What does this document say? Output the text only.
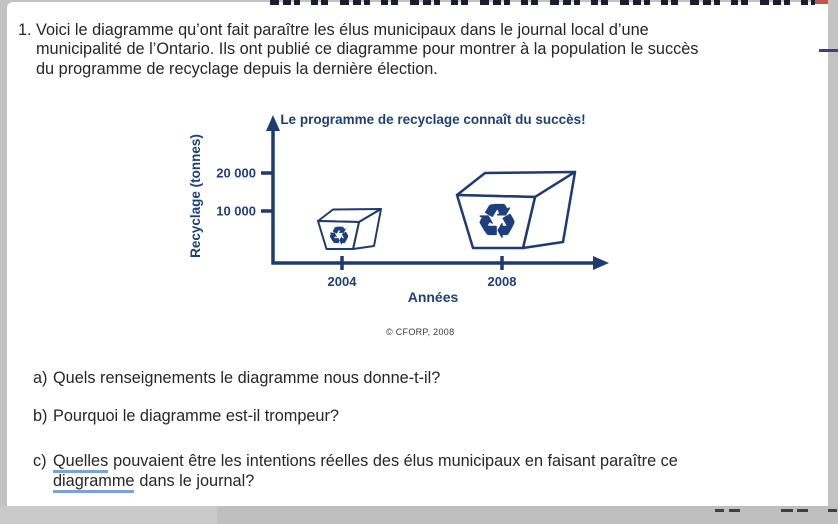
1. Voici le diagramme qu’ont fait paraître les élus municipaux dans le journal local d’une
municipalité de l’Ontario. Ils ont publié ce diagramme pour montrer à la population le succès
du programme de recyclage depuis la dernière élection.
Le programme de recyclage connaît du succès!
Recyclage (tonnes) 20 000
10 000
2004	2008
Années
♻	♻
© CFORP, 2008
a) Quels renseignements le diagramme nous donne-t-il?
b) Pourquoi le diagramme est-il trompeur?
c) Quelles pouvaient être les intentions réelles des élus municipaux en faisant paraître ce
diagramme dans le journal?
